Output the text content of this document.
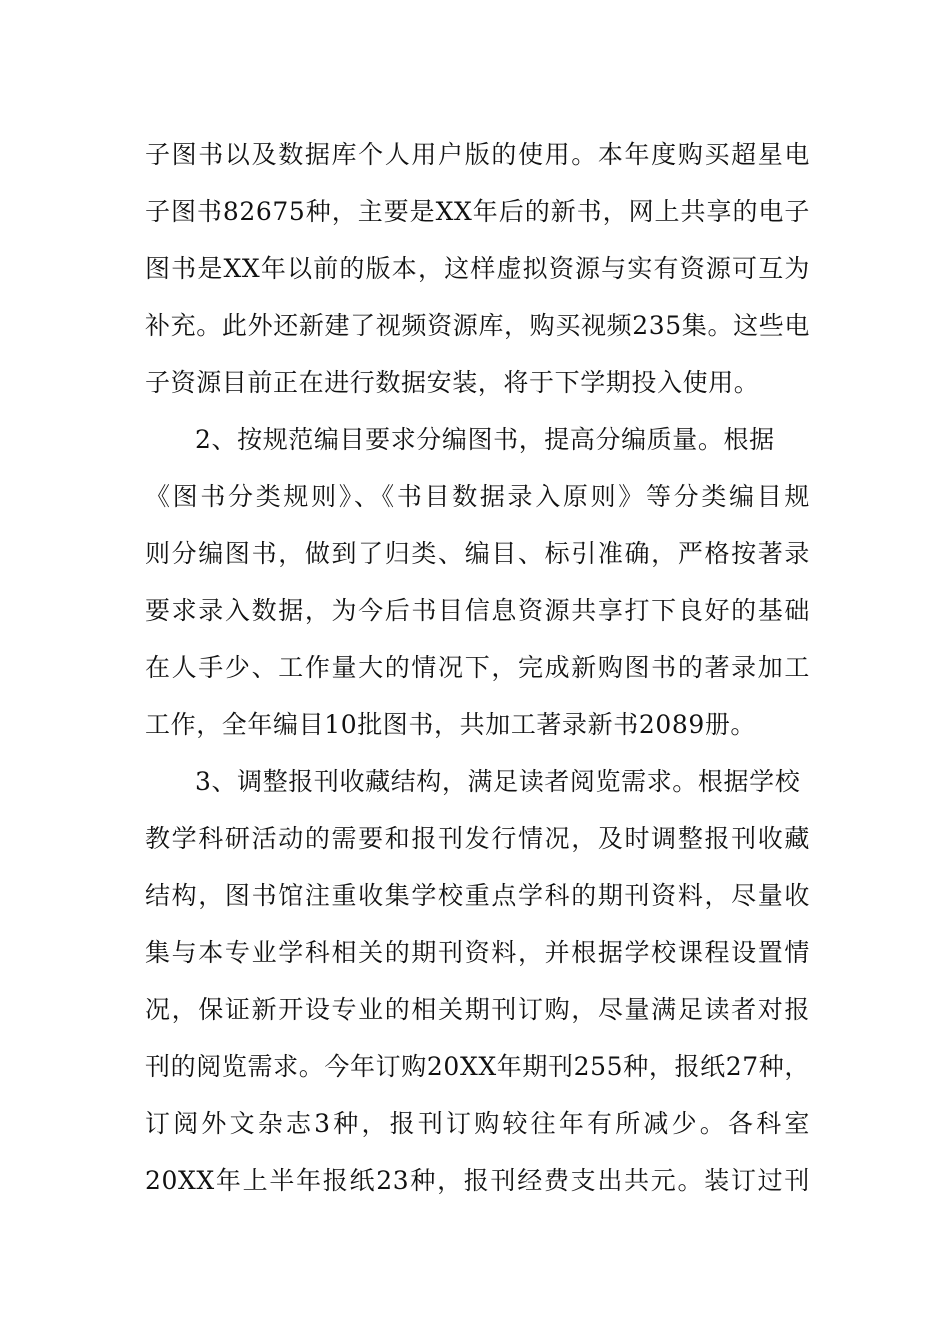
子图书以及数据库个人用户版的使用。本年度购买超星电
子图书82675种，主要是XX年后的新书，网上共享的电子
图书是XX年以前的版本，这样虚拟资源与实有资源可互为
补充。此外还新建了视频资源库，购买视频235集。这些电
子资源目前正在进行数据安装，将于下学期投入使用。
2、按规范编目要求分编图书，提高分编质量。根据
《图书分类规则》、《书目数据录入原则》等分类编目规
则分编图书，做到了归类、编目、标引准确，严格按著录
要求录入数据，为今后书目信息资源共享打下良好的基础
在人手少、工作量大的情况下，完成新购图书的著录加工
工作，全年编目10批图书，共加工著录新书2089册。
3、调整报刊收藏结构，满足读者阅览需求。根据学校
教学科研活动的需要和报刊发行情况，及时调整报刊收藏
结构，图书馆注重收集学校重点学科的期刊资料，尽量收
集与本专业学科相关的期刊资料，并根据学校课程设置情
况，保证新开设专业的相关期刊订购，尽量满足读者对报
刊的阅览需求。今年订购20XX年期刊255种，报纸27种，
订阅外文杂志3种，报刊订购较往年有所减少。各科室
20XX年上半年报纸23种，报刊经费支出共元。装订过刊
